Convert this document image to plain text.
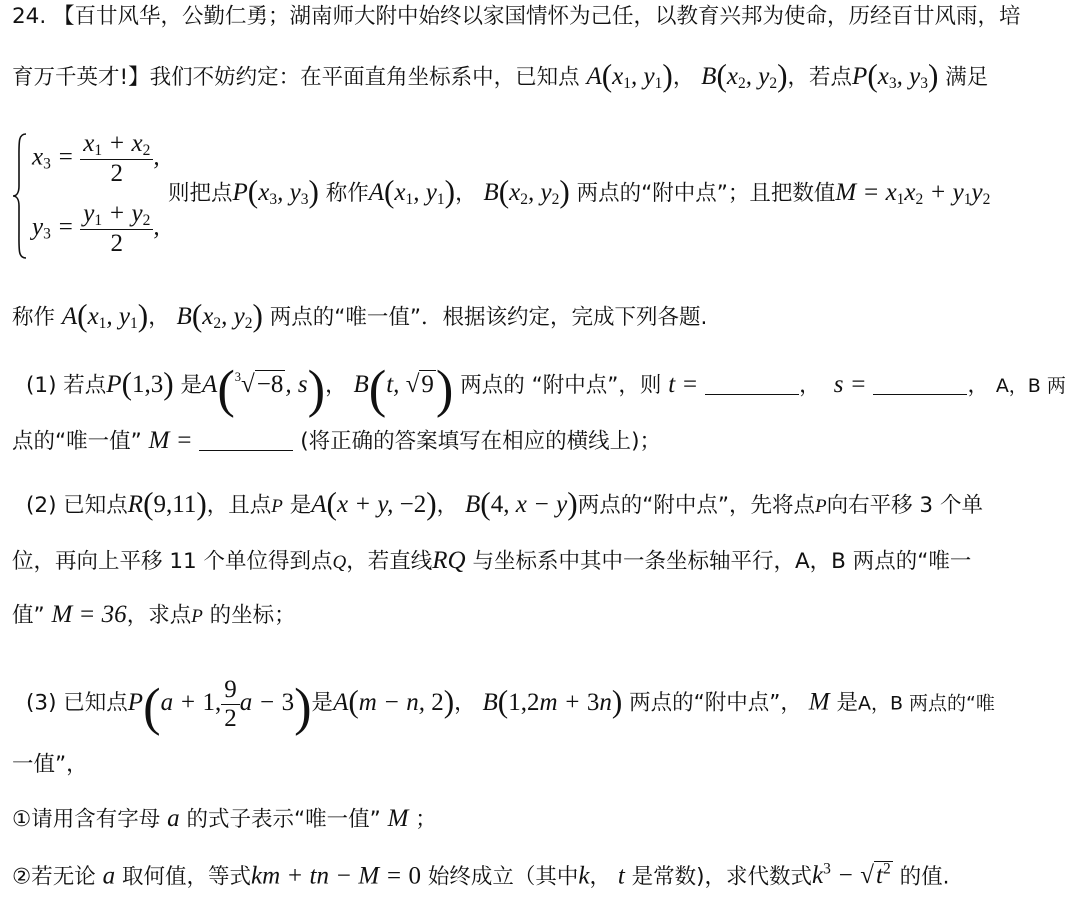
24. 【百廿风华，公勤仁勇；湖南师大附中始终以家国情怀为己任，以教育兴邦为使命，历经百廿风雨，培
育万千英才!】我们不妨约定：在平面直角坐标系中，已知点 $A(x_1$, $y_1$)， $B(x_2$, $y_2$)，若点$P(x_3$, $y_3$) 满足
$x_3 = \frac{x_1 + x_2}{2}$ ,
$y_3 = \frac{y_1 + y_2}{2}$ ,
则把点$P(x_3$, $y_3$) 称作$A(x_1$, $y_1$)， $B(x_2$, $y_2$) 两点的“附中点”；且把数值$M = x_1x_2 + y_1y_2$
称作 $A(x_1$, $y_1$)， $B(x_2$, $y_2$) 两点的“唯一值”．根据该约定，完成下列各题.
(1) 若点P(1,3) 是A($^3$√−8, s)， B(t, √9) 两点的 “附中点”，则 t =	，  s =	， A，B 两
点的“唯一值” M =	(将正确的答案填写在相应的横线上)；
(2) 已知点R(9,11)，且点P 是A(x + y, −2)， B(4, x − y)两点的“附中点”，先将点P向右平移 3 个单
位，再向上平移 11 个单位得到点Q，若直线RQ 与坐标系中其中一条坐标轴平行，A，B 两点的“唯一
值” M = 36，求点P 的坐标；
(3) 已知点P(a + 1, $\frac{9}{2}$ a − 3)是A(m − n, 2)， B(1,2m + 3n) 两点的“附中点”， M 是A，B 两点的“唯
一值”，
①请用含有字母 a 的式子表示“唯一值” M ；
②若无论 a 取何值，等式km + tn − M = 0 始终成立（其中k， t 是常数)，求代数式$k^3 - √t^2$ 的值.
